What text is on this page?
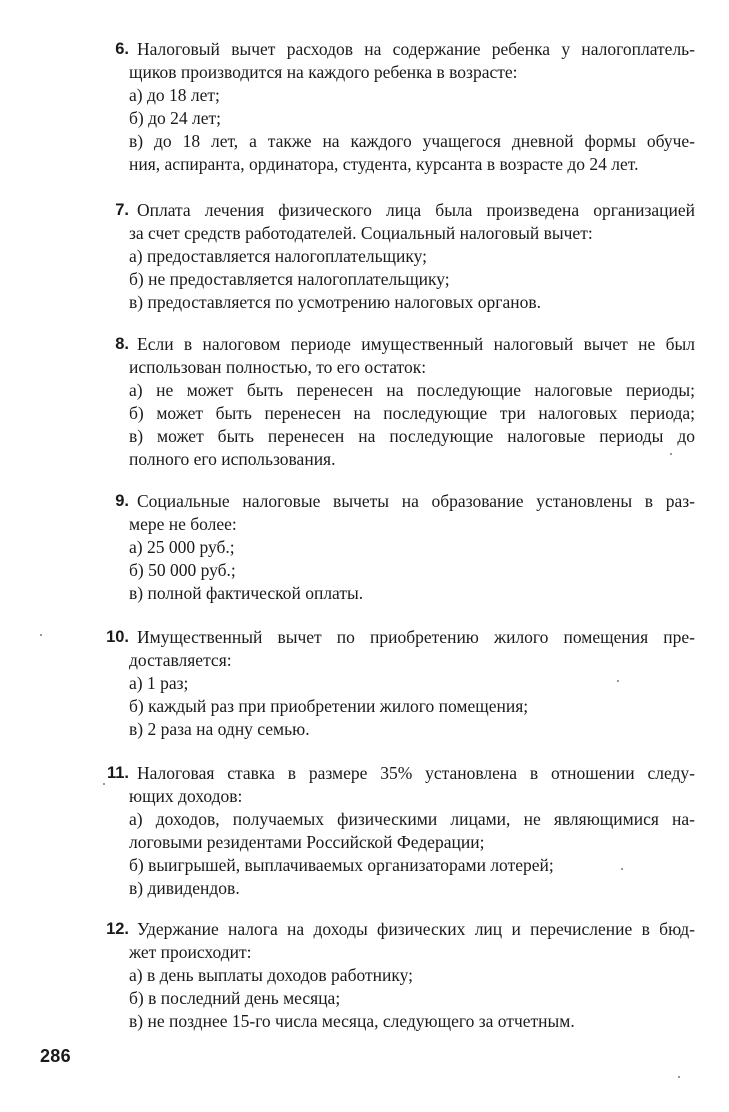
6. Налоговый вычет расходов на содержание ребенка у налогоплатель-
щиков производится на каждого ребенка в возрасте:
а) до 18 лет;
б) до 24 лет;
в) до 18 лет, а также на каждого учащегося дневной формы обуче-
ния, аспиранта, ординатора, студента, курсанта в возрасте до 24 лет.
7. Оплата лечения физического лица была произведена организацией
за счет средств работодателей. Социальный налоговый вычет:
а) предоставляется налогоплательщику;
б) не предоставляется налогоплательщику;
в) предоставляется по усмотрению налоговых органов.
8. Если в налоговом периоде имущественный налоговый вычет не был
использован полностью, то его остаток:
а) не может быть перенесен на последующие налоговые периоды;
б) может быть перенесен на последующие три налоговых периода;
в) может быть перенесен на последующие налоговые периоды до
полного его использования.
9. Социальные налоговые вычеты на образование установлены в раз-
мере не более:
а) 25 000 руб.;
б) 50 000 руб.;
в) полной фактической оплаты.
10. Имущественный вычет по приобретению жилого помещения пре-
доставляется:
а) 1 раз;
б) каждый раз при приобретении жилого помещения;
в) 2 раза на одну семью.
11. Налоговая ставка в размере 35% установлена в отношении следу-
ющих доходов:
а) доходов, получаемых физическими лицами, не являющимися на-
логовыми резидентами Российской Федерации;
б) выигрышей, выплачиваемых организаторами лотерей;
в) дивидендов.
12. Удержание налога на доходы физических лиц и перечисление в бюд-
жет происходит:
а) в день выплаты доходов работнику;
б) в последний день месяца;
в) не позднее 15-го числа месяца, следующего за отчетным.
286
